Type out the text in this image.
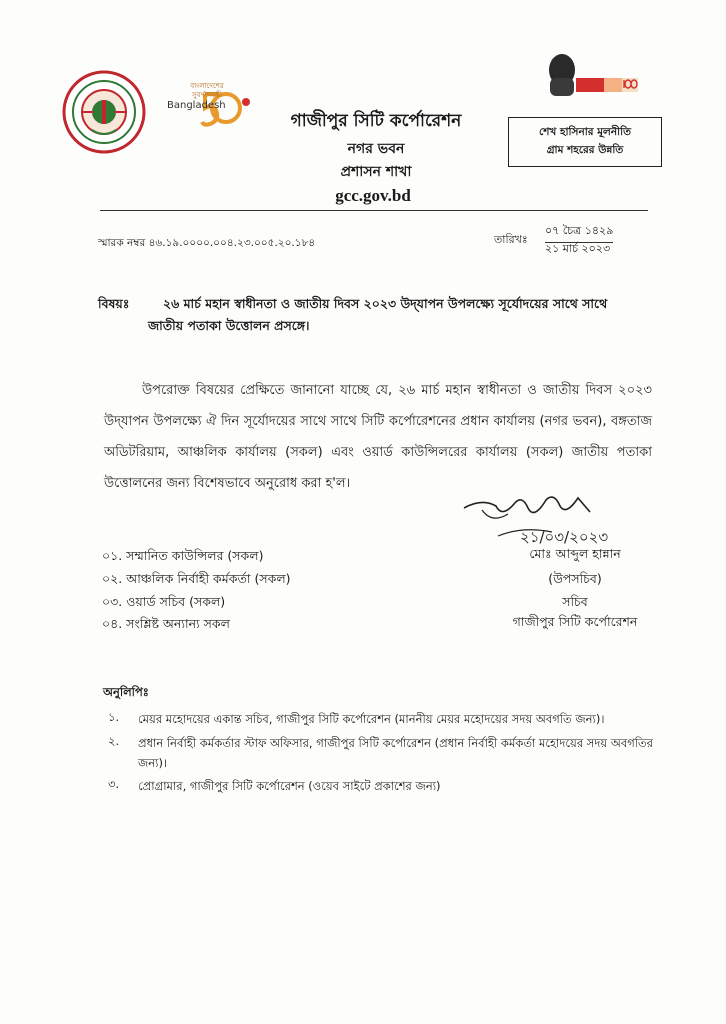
বাংলাদেশের
সুবর্ণজয়ন্তী
Bangladesh
গাজীপুর সিটি কর্পোরেশন
নগর ভবন
প্রশাসন শাখা
gcc.gov.bd
শেখ হাসিনার মূলনীতি
গ্রাম শহরের উন্নতি
স্মারক নম্বর ৪৬.১৯.০০০০.০০৪.২৩.০০৫.২০.১৮৪	তারিখঃ
০৭ চৈত্র ১৪২৯
২১ মার্চ ২০২৩
বিষয়ঃ	২৬ মার্চ মহান স্বাধীনতা ও জাতীয় দিবস ২০২৩ উদ্‌যাপন উপলক্ষ্যে সূর্যোদয়ের সাথে সাথে
জাতীয় পতাকা উত্তোলন প্রসঙ্গে।
উপরোক্ত বিষয়ের প্রেক্ষিতে জানানো যাচ্ছে যে, ২৬ মার্চ মহান স্বাধীনতা ও জাতীয় দিবস ২০২৩ উদ্‌যাপন উপলক্ষ্যে ঐ দিন সূর্যোদয়ের সাথে সাথে সিটি কর্পোরেশনের প্রধান কার্যালয় (নগর ভবন), বঙ্গতাজ অডিটরিয়াম, আঞ্চলিক কার্যালয় (সকল) এবং ওয়ার্ড কাউন্সিলরের কার্যালয় (সকল) জাতীয় পতাকা উত্তোলনের জন্য বিশেষভাবে অনুরোধ করা হ'ল।
২১/০৩/২০২৩
মোঃ আব্দুল হান্নান
(উপসচিব)
সচিব
গাজীপুর সিটি কর্পোরেশন
০১. সম্মানিত কাউন্সিলর (সকল)
০২. আঞ্চলিক নির্বাহী কর্মকর্তা (সকল)
০৩. ওয়ার্ড সচিব (সকল)
০৪. সংশ্লিষ্ট অন্যান্য সকল
অনুলিপিঃ
১. মেয়র মহোদয়ের একান্ত সচিব, গাজীপুর সিটি কর্পোরেশন (মাননীয় মেয়র মহোদয়ের সদয় অবগতি জন্য)।
২. প্রধান নির্বাহী কর্মকর্তার স্টাফ অফিসার, গাজীপুর সিটি কর্পোরেশন (প্রধান নির্বাহী কর্মকর্তা মহোদয়ের সদয় অবগতির জন্য)।
৩. প্রোগ্রামার, গাজীপুর সিটি কর্পোরেশন (ওয়েব সাইটে প্রকাশের জন্য)
